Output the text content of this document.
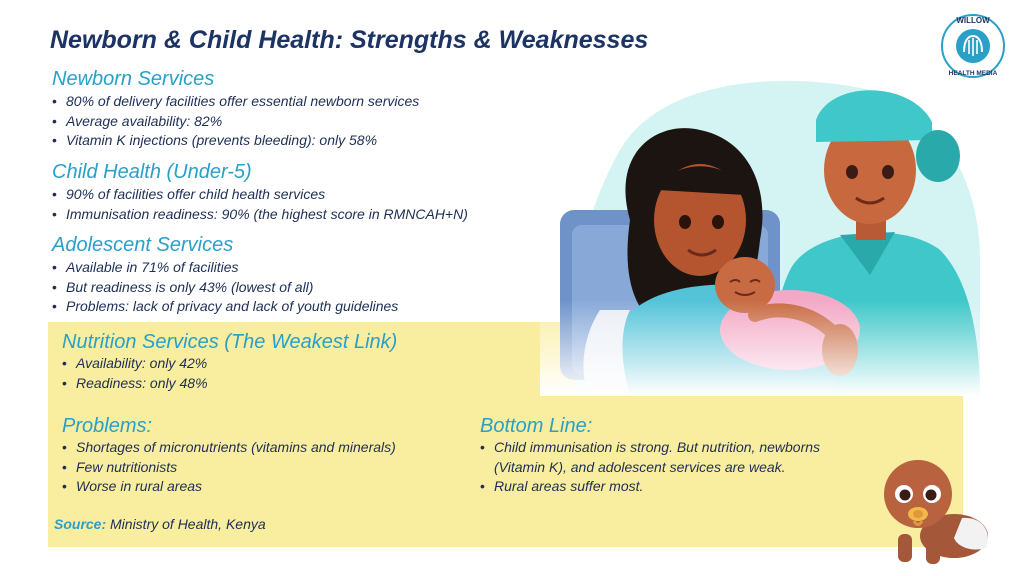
Newborn & Child Health: Strengths & Weaknesses
WILLOW
HEALTH MEDIA
Newborn Services
• 80% of delivery facilities offer essential newborn services
• Average availability: 82%
• Vitamin K injections (prevents bleeding): only 58%
Child Health (Under-5)
• 90% of facilities offer child health services
• Immunisation readiness: 90% (the highest score in RMNCAH+N)
Adolescent Services
• Available in 71% of facilities
• But readiness is only 43% (lowest of all)
• Problems: lack of privacy and lack of youth guidelines
Nutrition Services (The Weakest Link)
• Availability: only 42%
• Readiness: only 48%
Problems:
• Shortages of micronutrients (vitamins and minerals)
• Few nutritionists
• Worse in rural areas
Bottom Line:
• Child immunisation is strong. But nutrition, newborns
(Vitamin K), and adolescent services are weak.
• Rural areas suffer most.
Source: Ministry of Health, Kenya
